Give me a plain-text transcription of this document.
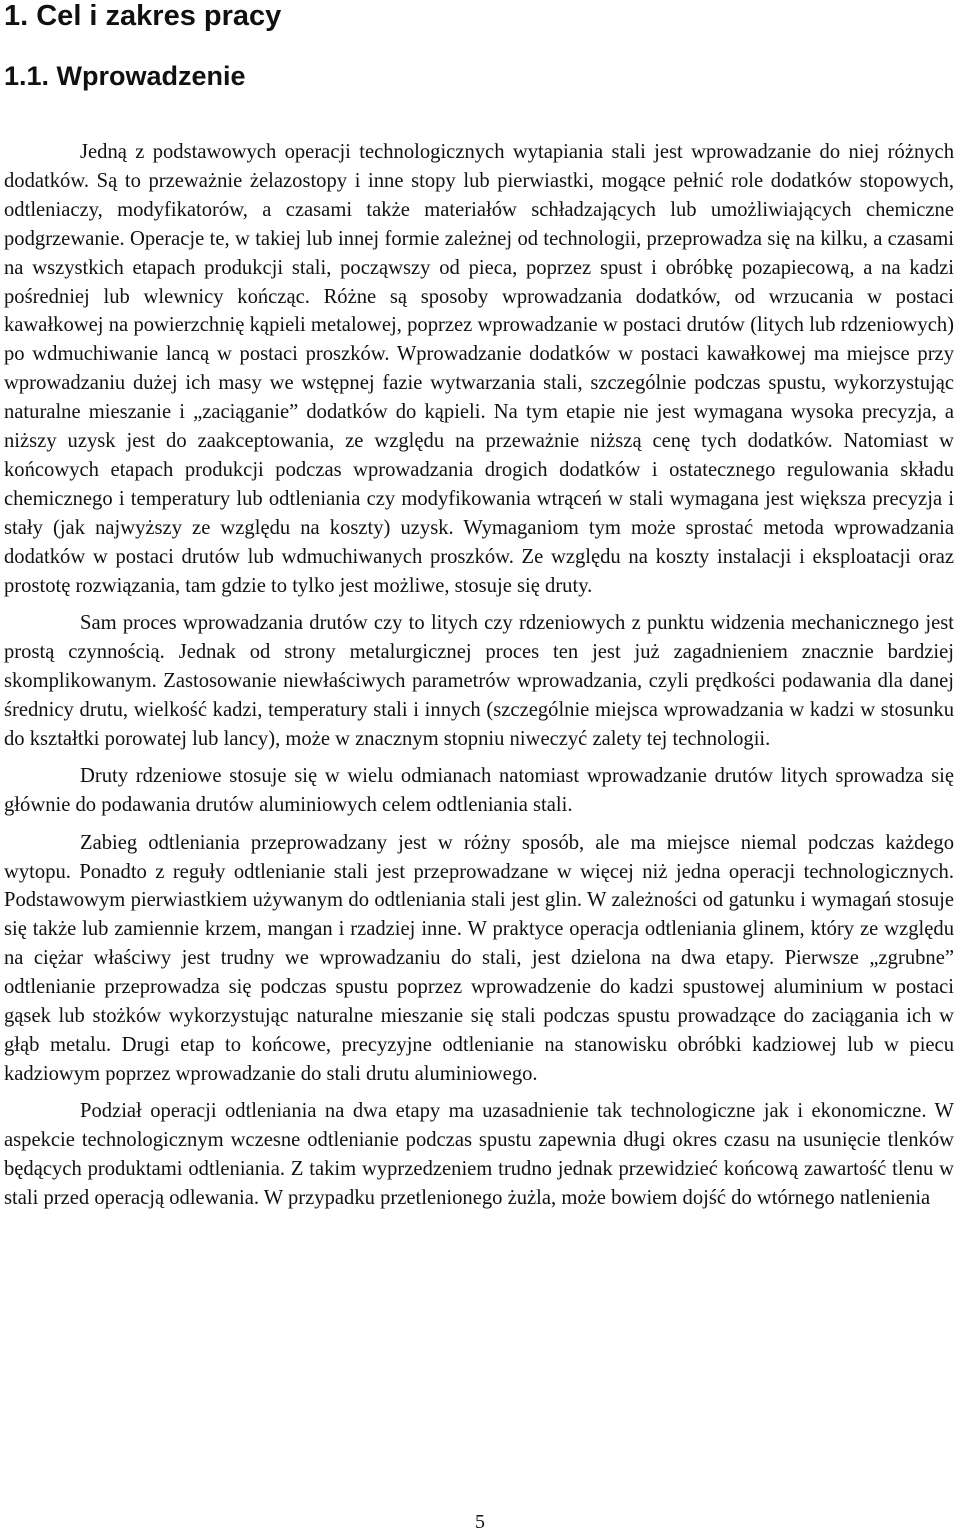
1. Cel i zakres pracy
1.1. Wprowadzenie

Jedną z podstawowych operacji technologicznych wytapiania stali jest wprowadzanie do niej różnych dodatków. Są to przeważnie żelazostopy i inne stopy lub pierwiastki, mogące pełnić role dodatków stopowych, odtleniaczy, modyfikatorów, a czasami także materiałów schładzających lub umożliwiających chemiczne podgrzewanie. Operacje te, w takiej lub innej formie zależnej od technologii, przeprowadza się na kilku, a czasami na wszystkich etapach produkcji stali, począwszy od pieca, poprzez spust i obróbkę pozapiecową, a na kadzi pośredniej lub wlewnicy kończąc. Różne są sposoby wprowadzania dodatków, od wrzucania w postaci kawałkowej na powierzchnię kąpieli metalowej, poprzez wprowadzanie w postaci drutów (litych lub rdzeniowych) po wdmuchiwanie lancą w postaci proszków. Wprowadzanie dodatków w postaci kawałkowej ma miejsce przy wprowadzaniu dużej ich masy we wstępnej fazie wytwarzania stali, szczególnie podczas spustu, wykorzystując naturalne mieszanie i „zaciąganie” dodatków do kąpieli. Na tym etapie nie jest wymagana wysoka precyzja, a niższy uzysk jest do zaakceptowania, ze względu na przeważnie niższą cenę tych dodatków. Natomiast w końcowych etapach produkcji podczas wprowadzania drogich dodatków i ostatecznego regulowania składu chemicznego i temperatury lub odtleniania czy modyfikowania wtrąceń w stali wymagana jest większa precyzja i stały (jak najwyższy ze względu na koszty) uzysk. Wymaganiom tym może sprostać metoda wprowadzania dodatków w postaci drutów lub wdmuchiwanych proszków. Ze względu na koszty instalacji i eksploatacji oraz prostotę rozwiązania, tam gdzie to tylko jest możliwe, stosuje się druty.

Sam proces wprowadzania drutów czy to litych czy rdzeniowych z punktu widzenia mechanicznego jest prostą czynnością. Jednak od strony metalurgicznej proces ten jest już zagadnieniem znacznie bardziej skomplikowanym. Zastosowanie niewłaściwych parametrów wprowadzania, czyli prędkości podawania dla danej średnicy drutu, wielkość kadzi, temperatury stali i innych (szczególnie miejsca wprowadzania w kadzi w stosunku do kształtki porowatej lub lancy), może w znacznym stopniu niweczyć zalety tej technologii.

Druty rdzeniowe stosuje się w wielu odmianach natomiast wprowadzanie drutów litych sprowadza się głównie do podawania drutów aluminiowych celem odtleniania stali.

Zabieg odtleniania przeprowadzany jest w różny sposób, ale ma miejsce niemal podczas każdego wytopu. Ponadto z reguły odtlenianie stali jest przeprowadzane w więcej niż jedna operacji technologicznych. Podstawowym pierwiastkiem używanym do odtleniania stali jest glin. W zależności od gatunku i wymagań stosuje się także lub zamiennie krzem, mangan i rzadziej inne. W praktyce operacja odtleniania glinem, który ze względu na ciężar właściwy jest trudny we wprowadzaniu do stali, jest dzielona na dwa etapy. Pierwsze „zgrubne” odtlenianie przeprowadza się podczas spustu poprzez wprowadzenie do kadzi spustowej aluminium w postaci gąsek lub stożków wykorzystując naturalne mieszanie się stali podczas spustu prowadzące do zaciągania ich w głąb metalu. Drugi etap to końcowe, precyzyjne odtlenianie na stanowisku obróbki kadziowej lub w piecu kadziowym poprzez wprowadzanie do stali drutu aluminiowego.

Podział operacji odtleniania na dwa etapy ma uzasadnienie tak technologiczne jak i ekonomiczne. W aspekcie technologicznym wczesne odtlenianie podczas spustu zapewnia długi okres czasu na usunięcie tlenków będących produktami odtleniania. Z takim wyprzedzeniem trudno jednak przewidzieć końcową zawartość tlenu w stali przed operacją odlewania. W przypadku przetlenionego żużla, może bowiem dojść do wtórnego natlenienia

5
